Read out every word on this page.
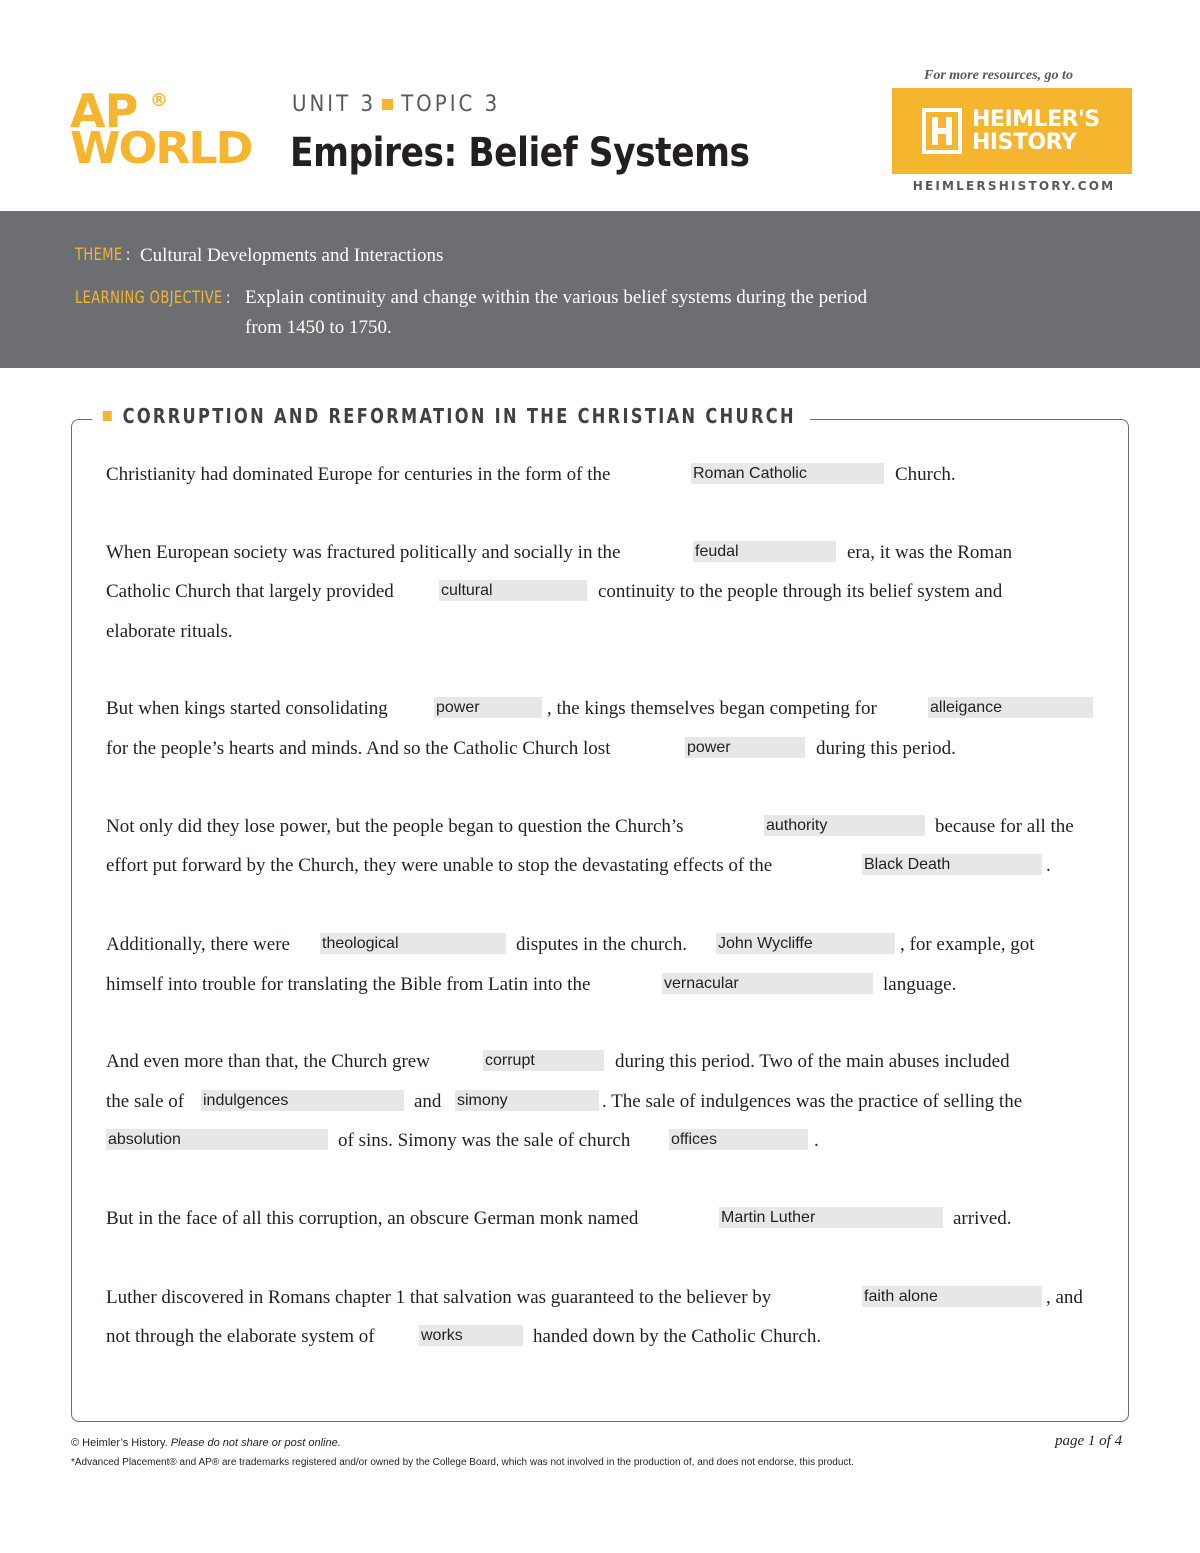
AP ®
WORLD
UNIT 3 TOPIC 3
Empires: Belief Systems
For more resources, go to
HEIMLER'S
HISTORY
HEIMLERSHISTORY.COM
THEME : Cultural Developments and Interactions
LEARNING OBJECTIVE : Explain continuity and change within the various belief systems during the period
from 1450 to 1750.
CORRUPTION AND REFORMATION IN THE CHRISTIAN CHURCH
Christianity had dominated Europe for centuries in the form of the	Roman Catholic	Church.
When European society was fractured politically and socially in the	feudal	era, it was the Roman
Catholic Church that largely provided	cultural	continuity to the people through its belief system and
elaborate rituals.
But when kings started consolidating	power	, the kings themselves began competing for	alleigance
for the people’s hearts and minds. And so the Catholic Church lost	power	during this period.
Not only did they lose power, but the people began to question the Church’s	authority	because for all the
effort put forward by the Church, they were unable to stop the devastating effects of the	Black Death	.
Additionally, there were theological	disputes in the church. John Wycliffe	, for example, got
himself into trouble for translating the Bible from Latin into the	vernacular	language.
And even more than that, the Church grew	corrupt	during this period. Two of the main abuses included
the sale of indulgences	and simony	. The sale of indulgences was the practice of selling the
absolution	of sins. Simony was the sale of church	offices	.
But in the face of all this corruption, an obscure German monk named	Martin Luther	arrived.
Luther discovered in Romans chapter 1 that salvation was guaranteed to the believer by	faith alone	, and
not through the elaborate system of	works	handed down by the Catholic Church.
© Heimler’s History. Please do not share or post online.
*Advanced Placement® and AP® are trademarks registered and/or owned by the College Board, which was not involved in the production of, and does not endorse, this product.
page 1 of 4
